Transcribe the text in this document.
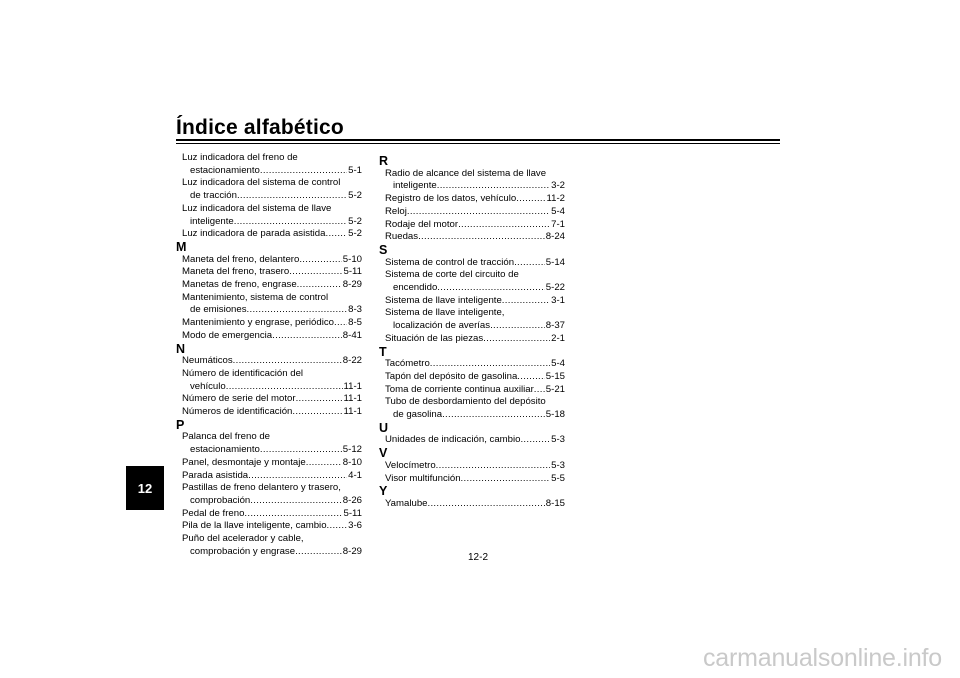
Índice alfabético
12
Luz indicadora del freno de
estacionamiento .....	5-1
Luz indicadora del sistema de control
de tracción .....	5-2
Luz indicadora del sistema de llave
inteligente .....	5-2
Luz indicadora de parada asistida ..... 5-2
M
Maneta del freno, delantero .....	5-10
Maneta del freno, trasero .....	5-11
Manetas de freno, engrase .....	8-29
Mantenimiento, sistema de control
de emisiones .....	8-3
Mantenimiento y engrase, periódico ..... 8-5
Modo de emergencia .....	8-41
N
Neumáticos .....	8-22
Número de identificación del
vehículo .....	11-1
Número de serie del motor .....	11-1
Números de identificación .....	11-1
P
Palanca del freno de
estacionamiento .....	5-12
Panel, desmontaje y montaje .....	8-10
Parada asistida .....	4-1
Pastillas de freno delantero y trasero,
comprobación .....	8-26
Pedal de freno .....	5-11
Pila de la llave inteligente, cambio ..... 3-6
Puño del acelerador y cable,
comprobación y engrase .....	8-29
R
Radio de alcance del sistema de llave
inteligente .....	3-2
Registro de los datos, vehículo .....	11-2
Reloj .....	5-4
Rodaje del motor .....	7-1
Ruedas .....	8-24
S
Sistema de control de tracción .....	5-14
Sistema de corte del circuito de
encendido .....	5-22
Sistema de llave inteligente .....	3-1
Sistema de llave inteligente,
localización de averías .....	8-37
Situación de las piezas .....	2-1
T
Tacómetro .....	5-4
Tapón del depósito de gasolina .....	5-15
Toma de corriente continua auxiliar ..... 5-21
Tubo de desbordamiento del depósito
de gasolina .....	5-18
U
Unidades de indicación, cambio .....	5-3
V
Velocímetro .....	5-3
Visor multifunción .....	5-5
Y
Yamalube .....	8-15
12-2
carmanualsonline.info
